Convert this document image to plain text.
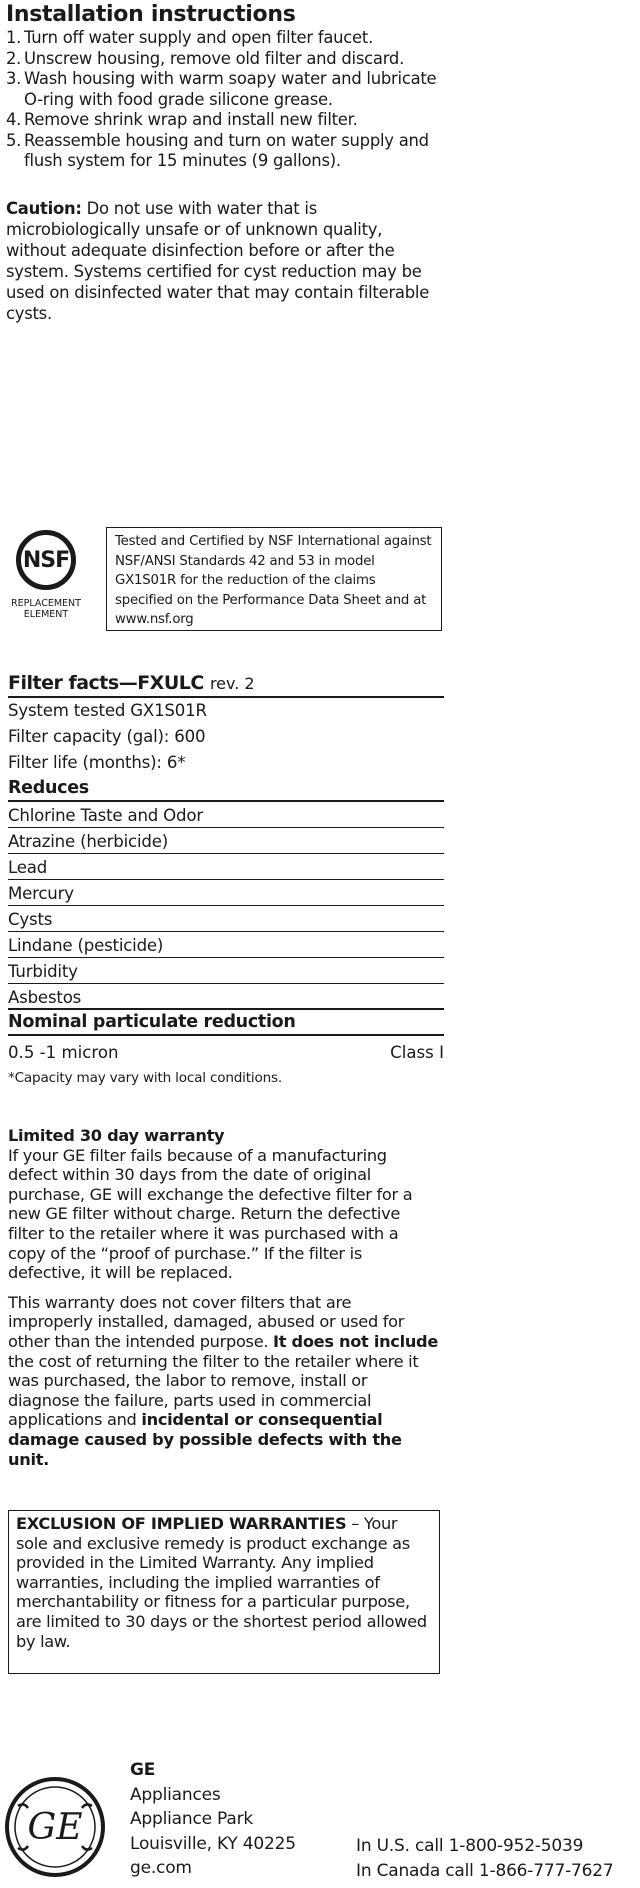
Installation instructions
1. Turn off water supply and open filter faucet.
2. Unscrew housing, remove old filter and discard.
3. Wash housing with warm soapy water and lubricate O-ring with food grade silicone grease.
4. Remove shrink wrap and install new filter.
5. Reassemble housing and turn on water supply and flush system for 15 minutes (9 gallons).
Caution: Do not use with water that is microbiologically unsafe or of unknown quality, without adequate disinfection before or after the system. Systems certified for cyst reduction may be used on disinfected water that may contain filterable cysts.
NSF
REPLACEMENT
ELEMENT
Tested and Certified by NSF International against NSF/ANSI Standards 42 and 53 in model GX1S01R for the reduction of the claims specified on the Performance Data Sheet and at www.nsf.org
Filter facts—FXULC rev. 2
System tested GX1S01R
Filter capacity (gal): 600
Filter life (months): 6*
Reduces
Chlorine Taste and Odor
Atrazine (herbicide)
Lead
Mercury
Cysts
Lindane (pesticide)
Turbidity
Asbestos
Nominal particulate reduction
0.5 -1 micron	Class I
*Capacity may vary with local conditions.
Limited 30 day warranty

If your GE filter fails because of a manufacturing defect within 30 days from the date of original purchase, GE will exchange the defective filter for a new GE filter without charge. Return the defective filter to the retailer where it was purchased with a copy of the “proof of purchase.” If the filter is defective, it will be replaced.

This warranty does not cover filters that are improperly installed, damaged, abused or used for other than the intended purpose. It does not include the cost of returning the filter to the retailer where it was purchased, the labor to remove, install or diagnose the failure, parts used in commercial applications and incidental or consequential damage caused by possible defects with the unit.

EXCLUSION OF IMPLIED WARRANTIES – Your sole and exclusive remedy is product exchange as provided in the Limited Warranty. Any implied warranties, including the implied warranties of merchantability or fitness for a particular purpose, are limited to 30 days or the shortest period allowed by law.
GE
GE
Appliances
Appliance Park
Louisville, KY 40225
ge.com
In U.S. call 1-800-952-5039
In Canada call 1-866-777-7627
